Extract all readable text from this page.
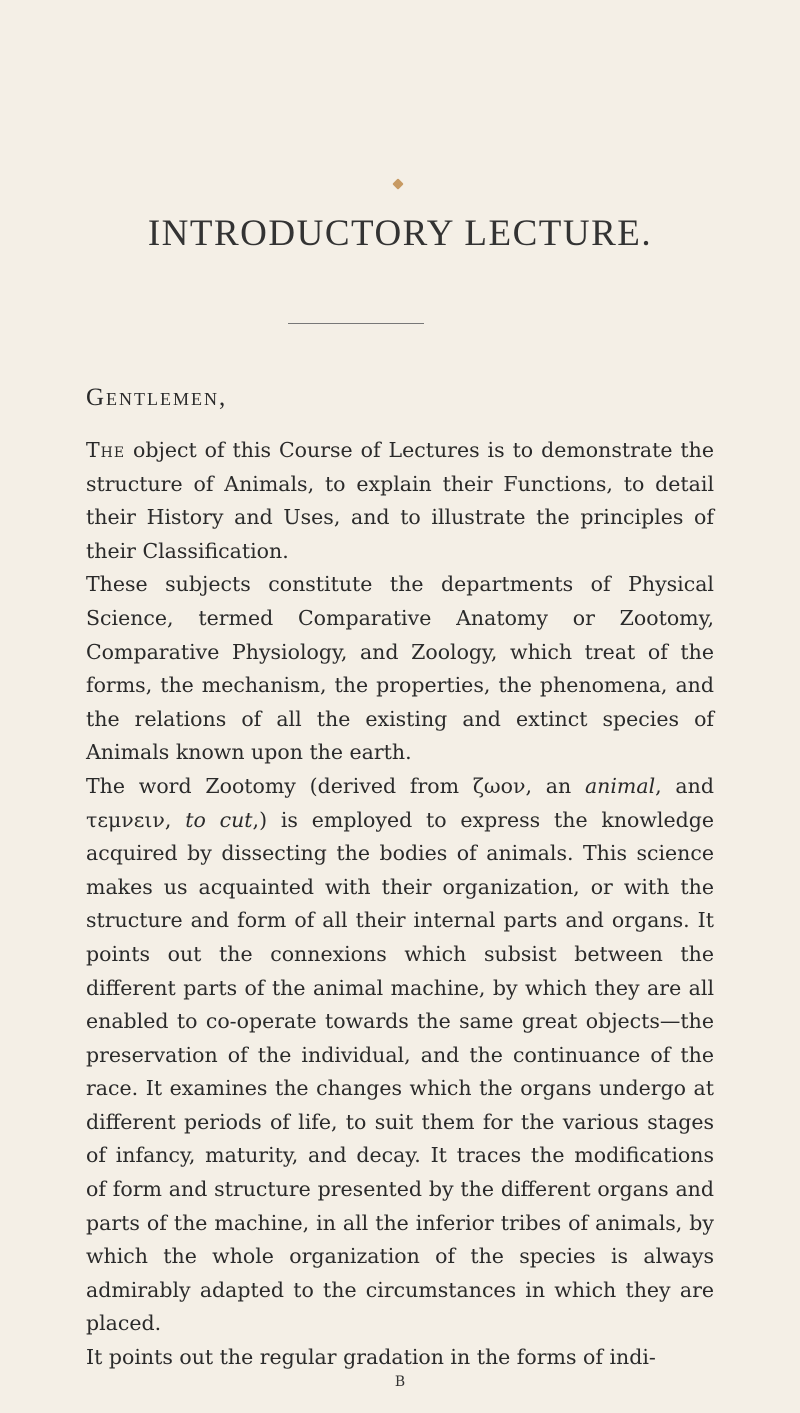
INTRODUCTORY LECTURE.
Gentlemen,

The object of this Course of Lectures is to demonstrate the structure of Animals, to explain their Functions, to detail their History and Uses, and to illustrate the principles of their Classification.

These subjects constitute the departments of Physical Science, termed Comparative Anatomy or Zootomy, Comparative Physiology, and Zoology, which treat of the forms, the mechanism, the properties, the phenomena, and the relations of all the existing and extinct species of Animals known upon the earth.

The word Zootomy (derived from ζωον, an animal, and τεμνειν, to cut,) is employed to express the knowledge acquired by dissecting the bodies of animals. This science makes us acquainted with their organization, or with the structure and form of all their internal parts and organs. It points out the connexions which subsist between the different parts of the animal machine, by which they are all enabled to co-operate towards the same great objects—the preservation of the individual, and the continuance of the race. It examines the changes which the organs undergo at different periods of life, to suit them for the various stages of infancy, maturity, and decay. It traces the modifications of form and structure presented by the different organs and parts of the machine, in all the inferior tribes of animals, by which the whole organization of the species is always admirably adapted to the circumstances in which they are placed.

It points out the regular gradation in the forms of indi-

B
